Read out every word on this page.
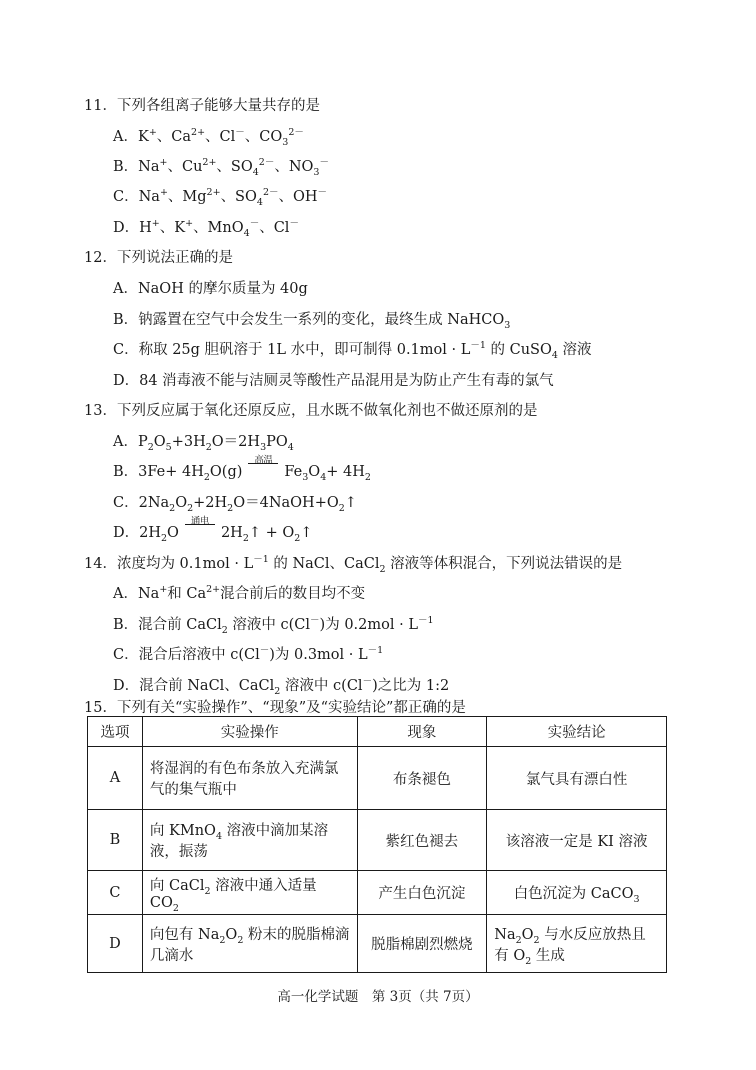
11．下列各组离子能够大量共存的是
A．K+、$Ca^{2+}$、Cl－、$CO_3^{2-}$
B．Na+、$Cu^{2+}$、$SO_4^{2-}$、$NO_3^-$
C．Na+、$Mg^{2+}$、$SO_4^{2-}$、OH－
D．H+、K+、MnO$_4$－、Cl－
12．下列说法正确的是
A．NaOH 的摩尔质量为 40g
B．钠露置在空气中会发生一系列的变化，最终生成 NaHCO$_3$
C．称取 25g 胆矾溶于 1L 水中，即可制得 $0.1mol \cdot L^{-1}$ 的 CuSO$_4$ 溶液
D．84 消毒液不能与洁厕灵等酸性产品混用是为防止产生有毒的氯气
13．下列反应属于氧化还原反应，且水既不做氧化剂也不做还原剂的是
A．$P_2O_5+3H_2O=2H_3PO_4$
B．$3Fe+ 4H_2O(g)$
高温
$Fe_3O_4+ 4H_2$
C．$2Na_2O_2+2H_2O=4NaOH+O_2↑$
D．$2H_2O$
通电
$2H_2↑$ + $O_2↑$
14．浓度均为 $0.1mol \cdot L^{-1}$ 的 NaCl、CaCl$_2$ 溶液等体积混合，下列说法错误的是
A．Na+和 $Ca^{2+}$混合前后的数目均不变
B．混合前 CaCl$_2$ 溶液中 c(Cl－)为 $0.2mol \cdot L^{-1}$
C．混合后溶液中 c(Cl－)为 $0.3mol \cdot L^{-1}$
D．混合前 NaCl、CaCl$_2$ 溶液中 c(Cl－)之比为 1:2
15．下列有关“实验操作”、“现象”及“实验结论”都正确的是
选项	实验操作	现象	实验结论
A	将湿润的有色布条放入充满氯气的集气瓶中	布条褪色	氯气具有漂白性
B	向 KMnO$_4$ 溶液中滴加某溶液，振荡	紫红色褪去	该溶液一定是 KI 溶液
C	向 CaCl$_2$ 溶液中通入适量 $CO_2$	产生白色沉淀	白色沉淀为 CaCO$_3$
D	向包有 $Na_2O_2$ 粉末的脱脂棉滴几滴水	脱脂棉剧烈燃烧	$Na_2O_2$ 与水反应放热且有 $O_2$ 生成
高一化学试题　第 3页（共 7页）
